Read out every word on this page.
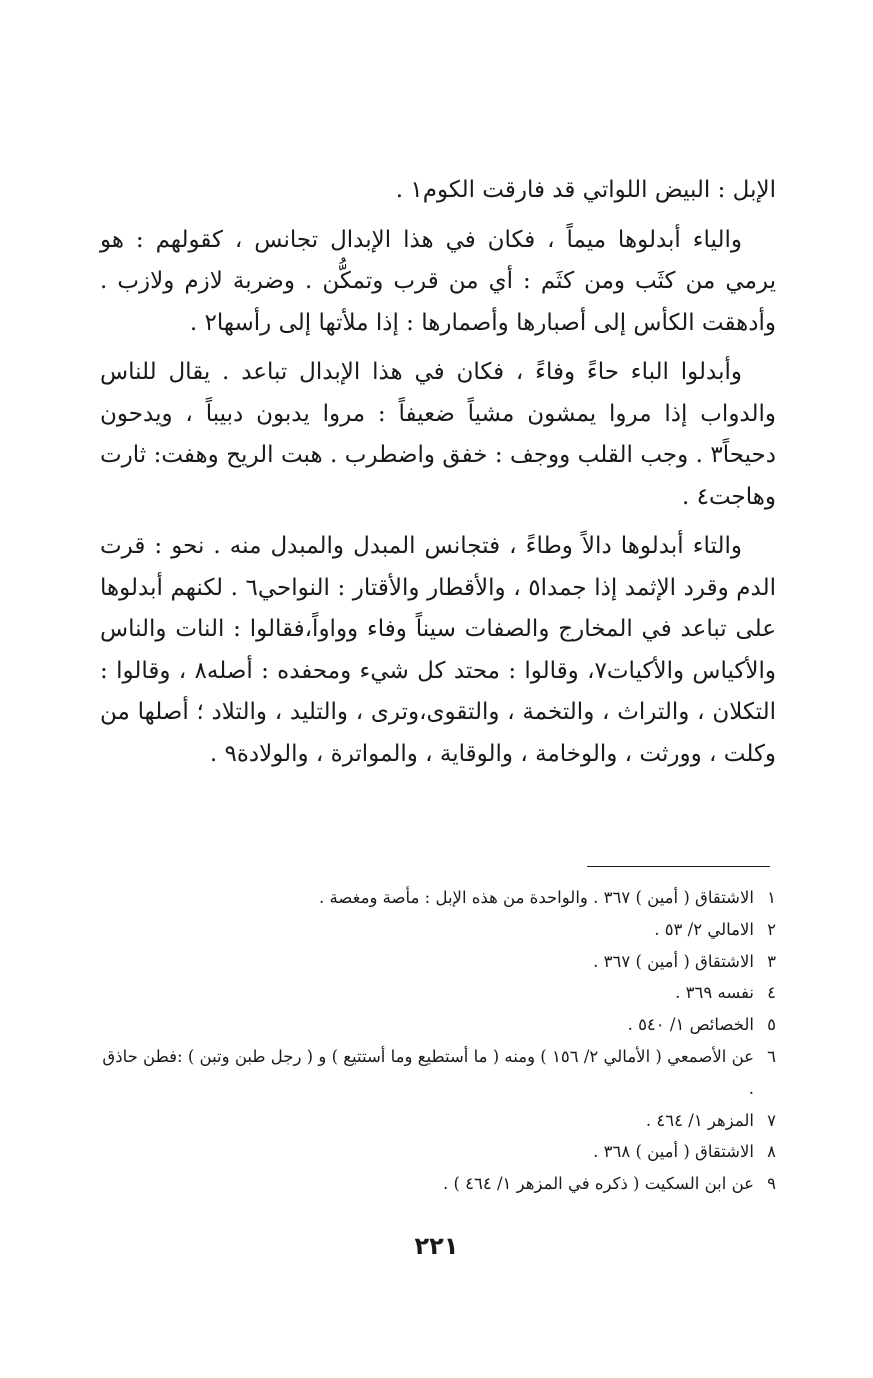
الإبل : البيض اللواتي قد فارقت الكوم١ .

والياء أبدلوها ميماً ، فكان في هذا الإبدال تجانس ، كقولهم : هو يرمي من كثَب ومن كثَم : أي من قرب وتمكُّن . وضربة لازم ولازب . وأدهقت الكأس إلى أصبارها وأصمارها : إذا ملأتها إلى رأسها٢ .

وأبدلوا الباء حاءً وفاءً ، فكان في هذا الإبدال تباعد . يقال للناس والدواب إذا مروا يمشون مشياً ضعيفاً : مروا يدبون دبيباً ، ويدحون دحيحاً٣ . وجب القلب ووجف : خفق واضطرب . هبت الريح وهفت: ثارت وهاجت٤ .

والتاء أبدلوها دالاً وطاءً ، فتجانس المبدل والمبدل منه . نحو : قرت الدم وقرد الإثمد إذا جمدا٥ ، والأقطار والأقتار : النواحي٦ . لكنهم أبدلوها على تباعد في المخارج والصفات سيناً وفاء وواواً،فقالوا : النات والناس والأكياس والأكيات٧، وقالوا : محتد كل شيء ومحفده : أصله٨ ، وقالوا : التكلان ، والتراث ، والتخمة ، والتقوى،وترى ، والتليد ، والتلاد ؛ أصلها من وكلت ، وورثت ، والوخامة ، والوقاية ، والمواترة ، والولادة٩ .

١
الاشتقاق ( أمين ) ٣٦٧ . والواحدة من هذه الإبل : مأصة ومغصة .
٢
الامالي ٢/ ٥٣ .
٣
الاشتقاق ( أمين ) ٣٦٧ .
٤
نفسه ٣٦٩ .
٥
الخصائص ١/ ٥٤٠ .
٦
عن الأصمعي ( الأمالي ٢/ ١٥٦ ) ومنه ( ما أستطيع وما أستتيع ) و ( رجل طبن وتبن ) :فطن حاذق .
٧
المزهر ١/ ٤٦٤ .
٨
الاشتقاق ( أمين ) ٣٦٨ .
٩
عن ابن السكيت ( ذكره في المزهر ١/ ٤٦٤ ) .
٢٢١
